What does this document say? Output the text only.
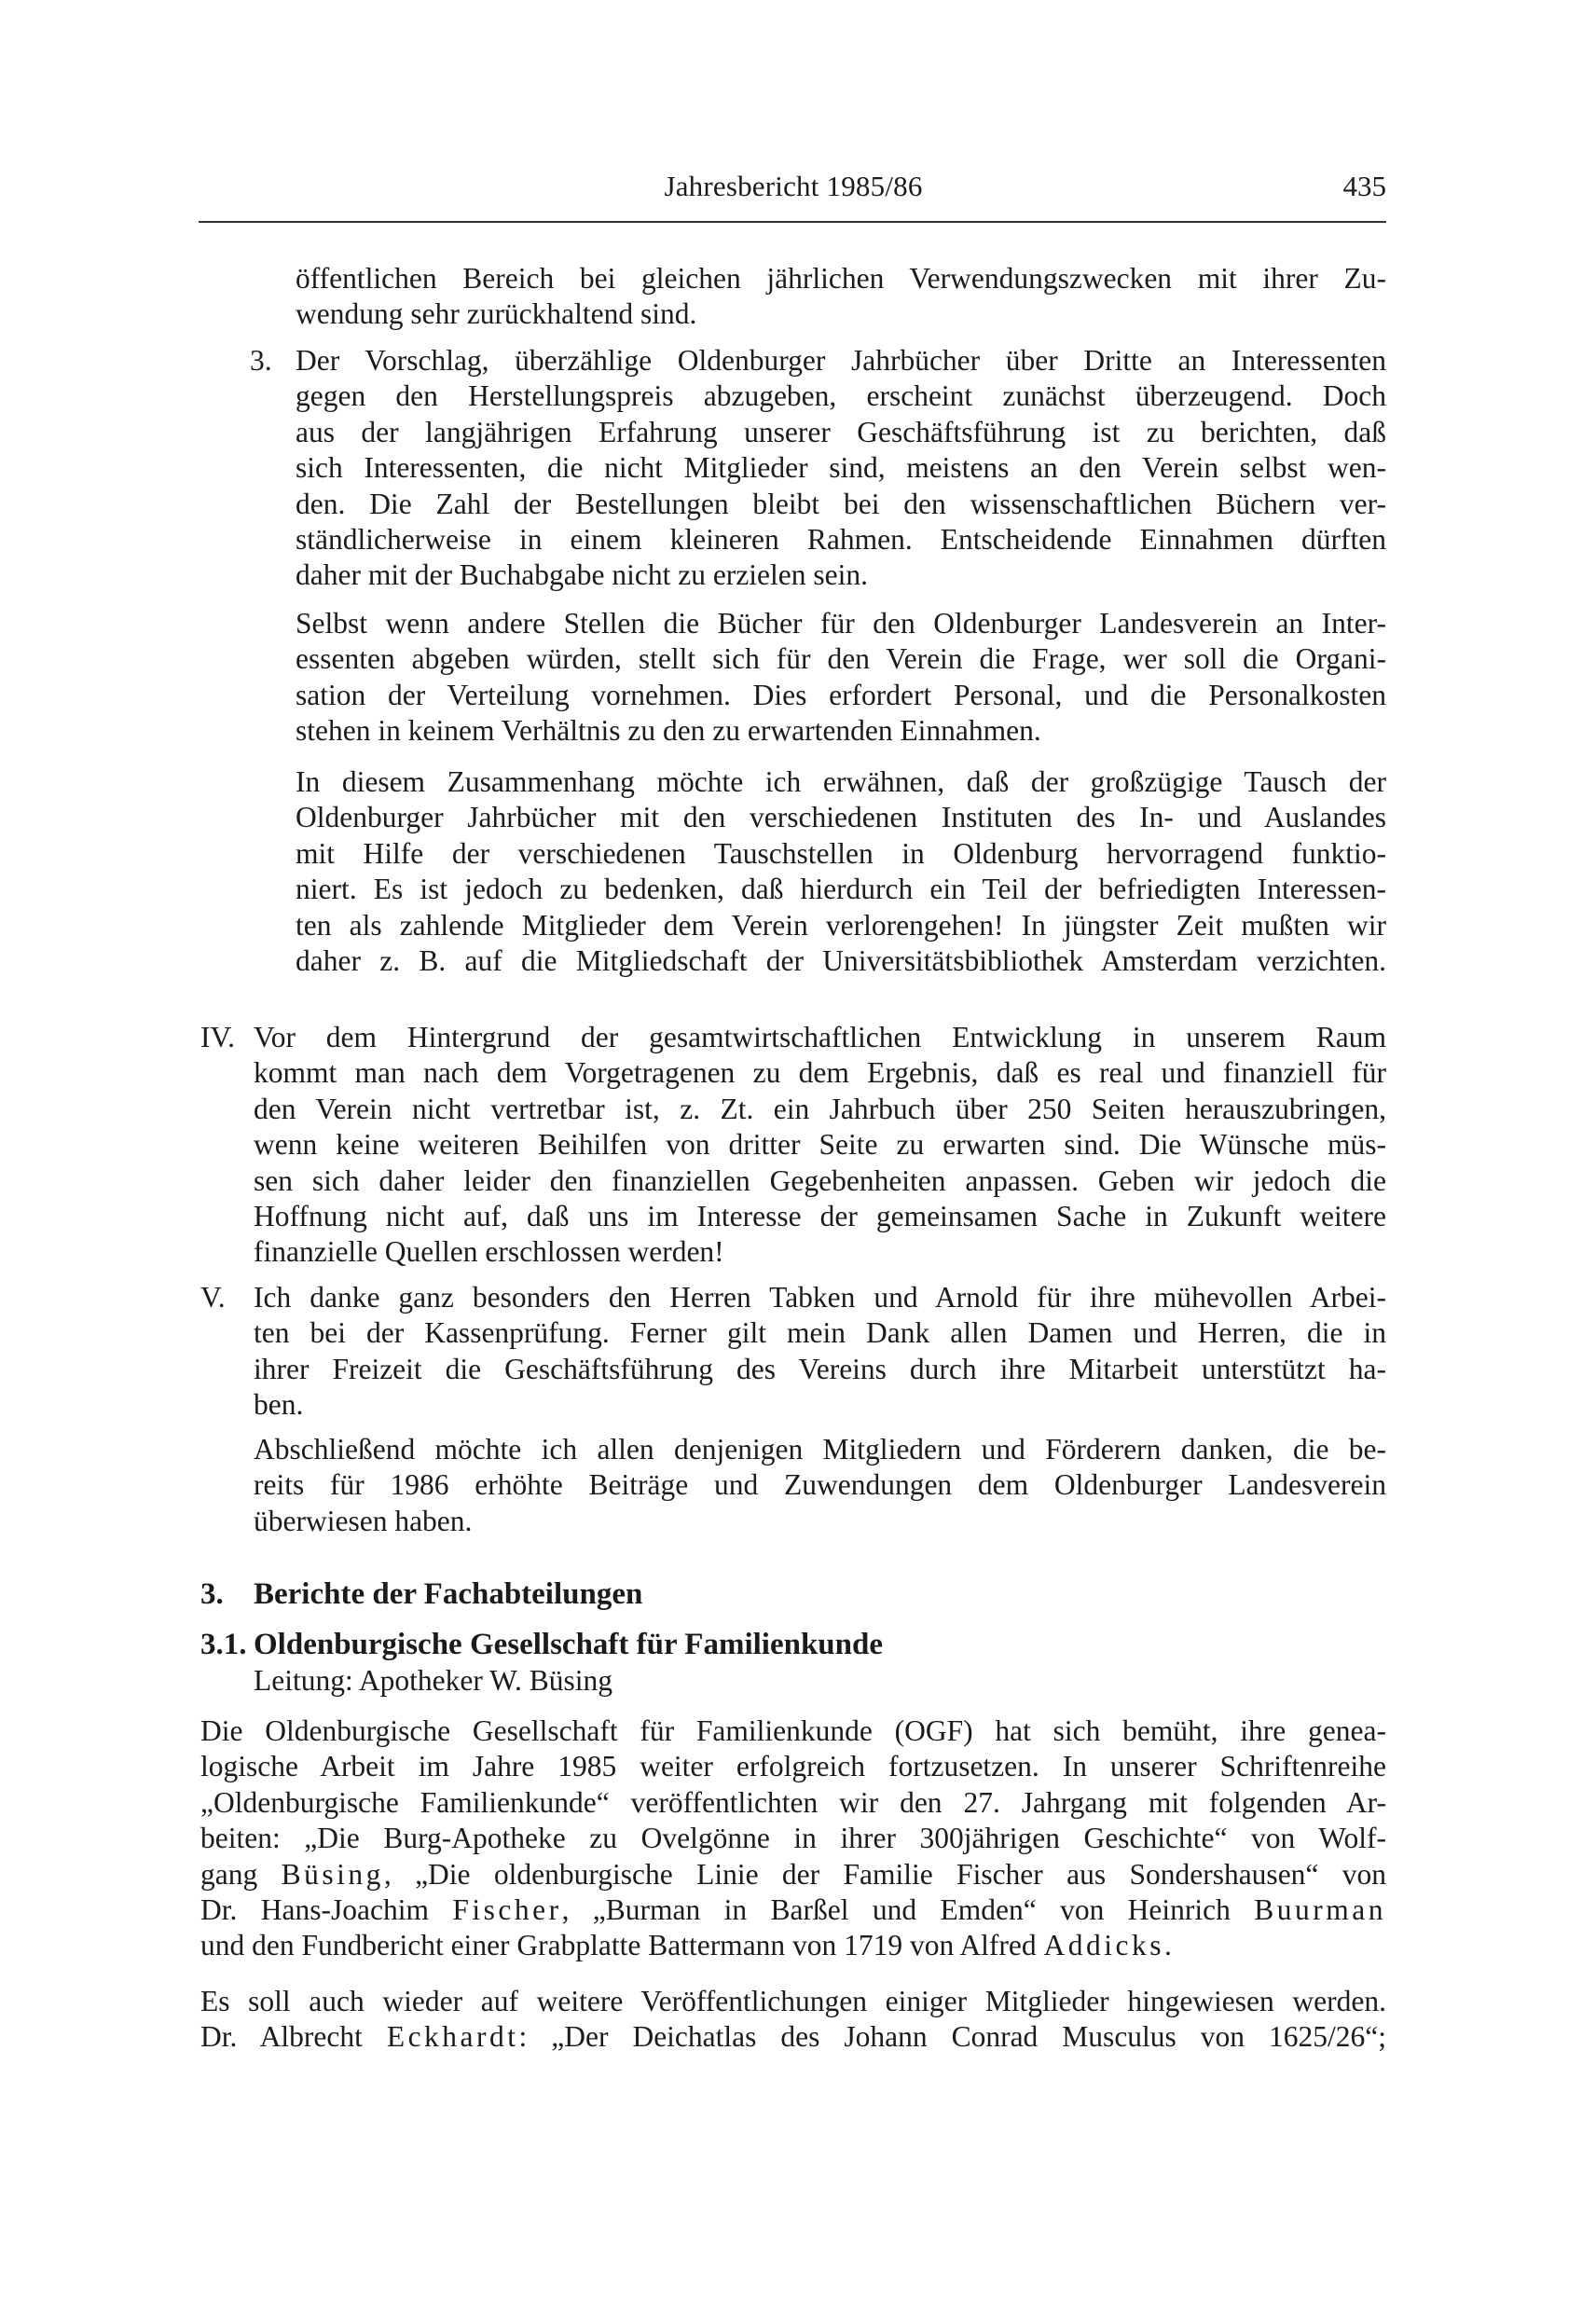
Jahresbericht 1985/86	435
öffentlichen Bereich bei gleichen jährlichen Verwendungszwecken mit ihrer Zu-
wendung sehr zurückhaltend sind.
3. Der Vorschlag, überzählige Oldenburger Jahrbücher über Dritte an Interessenten
gegen den Herstellungspreis abzugeben, erscheint zunächst überzeugend. Doch
aus der langjährigen Erfahrung unserer Geschäftsführung ist zu berichten, daß
sich Interessenten, die nicht Mitglieder sind, meistens an den Verein selbst wen-
den. Die Zahl der Bestellungen bleibt bei den wissenschaftlichen Büchern ver-
ständlicherweise in einem kleineren Rahmen. Entscheidende Einnahmen dürften
daher mit der Buchabgabe nicht zu erzielen sein.
Selbst wenn andere Stellen die Bücher für den Oldenburger Landesverein an Inter-
essenten abgeben würden, stellt sich für den Verein die Frage, wer soll die Organi-
sation der Verteilung vornehmen. Dies erfordert Personal, und die Personalkosten
stehen in keinem Verhältnis zu den zu erwartenden Einnahmen.
In diesem Zusammenhang möchte ich erwähnen, daß der großzügige Tausch der
Oldenburger Jahrbücher mit den verschiedenen Instituten des In- und Auslandes
mit Hilfe der verschiedenen Tauschstellen in Oldenburg hervorragend funktio-
niert. Es ist jedoch zu bedenken, daß hierdurch ein Teil der befriedigten Interessen-
ten als zahlende Mitglieder dem Verein verlorengehen! In jüngster Zeit mußten wir
daher z. B. auf die Mitgliedschaft der Universitätsbibliothek Amsterdam verzichten.
IV. Vor dem Hintergrund der gesamtwirtschaftlichen Entwicklung in unserem Raum
kommt man nach dem Vorgetragenen zu dem Ergebnis, daß es real und finanziell für
den Verein nicht vertretbar ist, z. Zt. ein Jahrbuch über 250 Seiten herauszubringen,
wenn keine weiteren Beihilfen von dritter Seite zu erwarten sind. Die Wünsche müs-
sen sich daher leider den finanziellen Gegebenheiten anpassen. Geben wir jedoch die
Hoffnung nicht auf, daß uns im Interesse der gemeinsamen Sache in Zukunft weitere
finanzielle Quellen erschlossen werden!
V. Ich danke ganz besonders den Herren Tabken und Arnold für ihre mühevollen Arbei-
ten bei der Kassenprüfung. Ferner gilt mein Dank allen Damen und Herren, die in
ihrer Freizeit die Geschäftsführung des Vereins durch ihre Mitarbeit unterstützt ha-
ben.
Abschließend möchte ich allen denjenigen Mitgliedern und Förderern danken, die be-
reits für 1986 erhöhte Beiträge und Zuwendungen dem Oldenburger Landesverein
überwiesen haben.
3. Berichte der Fachabteilungen
3.1. Oldenburgische Gesellschaft für Familienkunde
Leitung: Apotheker W. Büsing
Die Oldenburgische Gesellschaft für Familienkunde (OGF) hat sich bemüht, ihre genea-
logische Arbeit im Jahre 1985 weiter erfolgreich fortzusetzen. In unserer Schriftenreihe
„Oldenburgische Familienkunde“ veröffentlichten wir den 27. Jahrgang mit folgenden Ar-
beiten: „Die Burg-Apotheke zu Ovelgönne in ihrer 300jährigen Geschichte“ von Wolf-
gang Büsing, „Die oldenburgische Linie der Familie Fischer aus Sondershausen“ von
Dr. Hans-Joachim Fischer, „Burman in Barßel und Emden“ von Heinrich Buurman
und den Fundbericht einer Grabplatte Battermann von 1719 von Alfred Addicks.
Es soll auch wieder auf weitere Veröffentlichungen einiger Mitglieder hingewiesen werden.
Dr. Albrecht Eckhardt: „Der Deichatlas des Johann Conrad Musculus von 1625/26“;
